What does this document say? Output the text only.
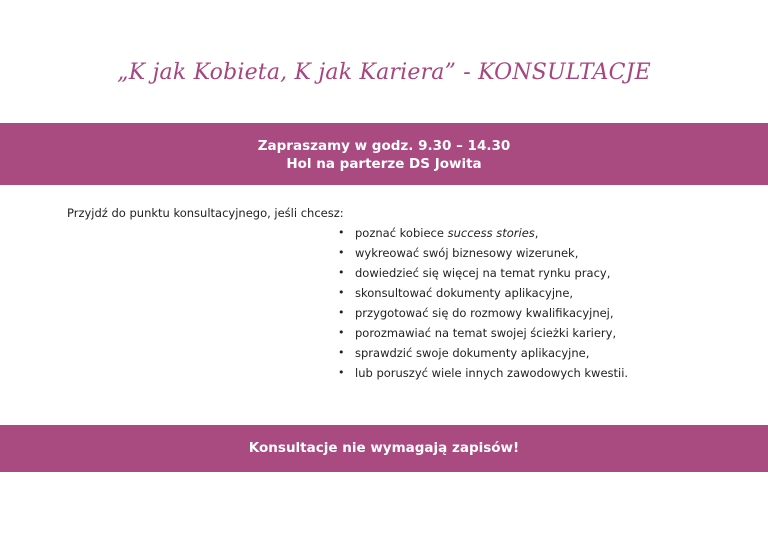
„K jak Kobieta, K jak Kariera” - KONSULTACJE
Zapraszamy w godz. 9.30 – 14.30
Hol na parterze DS Jowita
Przyjdź do punktu konsultacyjnego, jeśli chcesz:
• poznać kobiece success stories,
• wykreować swój biznesowy wizerunek,
• dowiedzieć się więcej na temat rynku pracy,
• skonsultować dokumenty aplikacyjne,
• przygotować się do rozmowy kwalifikacyjnej,
• porozmawiać na temat swojej ścieżki kariery,
• sprawdzić swoje dokumenty aplikacyjne,
• lub poruszyć wiele innych zawodowych kwestii.
Konsultacje nie wymagają zapisów!
